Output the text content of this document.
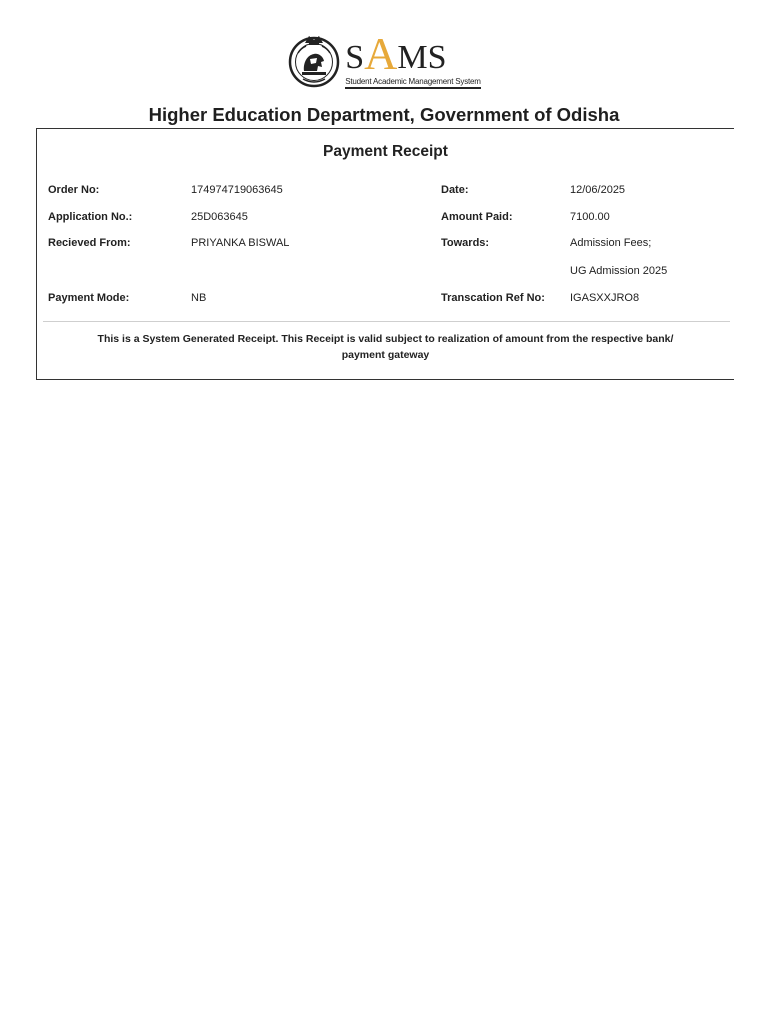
S A MS
Student Academic Management System
Higher Education Department, Government of Odisha
Payment Receipt
Order No:	174974719063645	Date:	12/06/2025
Application No.:	25D063645	Amount Paid:	7100.00
Recieved From:	PRIYANKA BISWAL	Towards:	Admission Fees;
UG Admission 2025
Payment Mode:	NB	Transcation Ref No: IGASXXJRO8
This is a System Generated Receipt. This Receipt is valid subject to realization of amount from the respective bank/ payment gateway
